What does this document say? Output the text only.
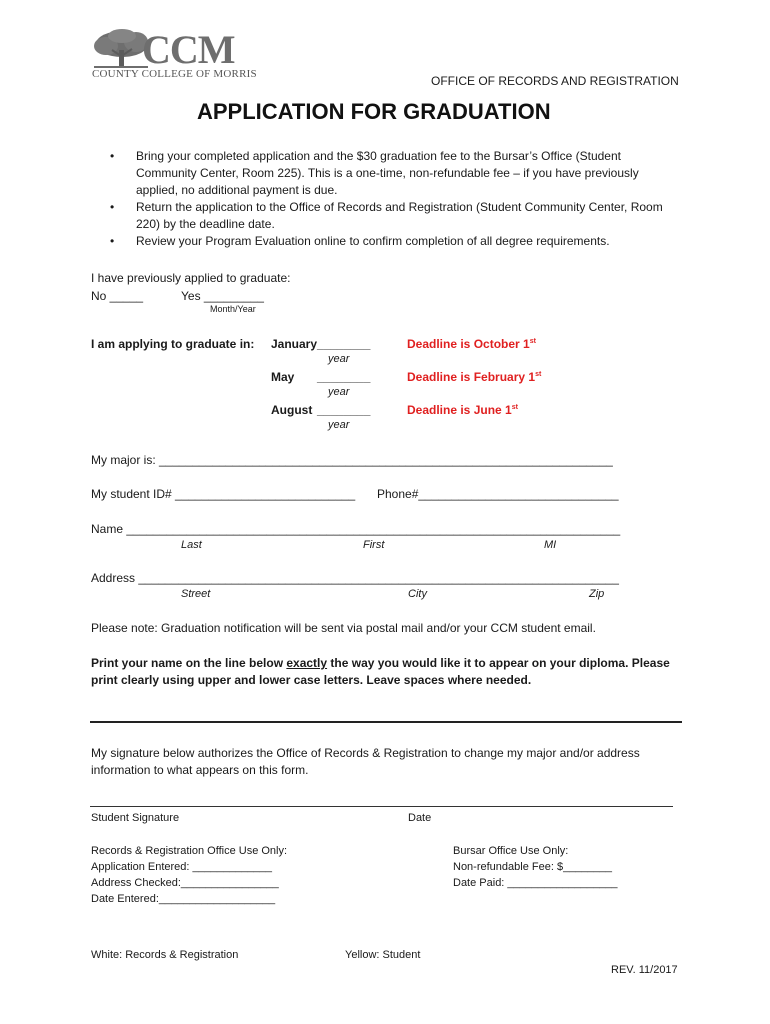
CCM
COUNTY COLLEGE OF MORRIS	OFFICE OF RECORDS AND REGISTRATION
APPLICATION FOR GRADUATION
• Bring your completed application and the $30 graduation fee to the Bursar’s Office (Student Community Center, Room 225). This is a one-time, non-refundable fee – if you have previously applied, no additional payment is due.
• Return the application to the Office of Records and Registration (Student Community Center, Room 220) by the deadline date.
• Review your Program Evaluation online to confirm completion of all degree requirements.
I have previously applied to graduate:
No _____	Yes _________
Month/Year
I am applying to graduate in: January________	Deadline is October 1st
year
May ________	Deadline is February 1st
year
August ________	Deadline is June 1st
year
My major is: ____________________________________________________________________
My student ID# ___________________________ Phone#______________________________
Name __________________________________________________________________________
Last	First	MI
Address ________________________________________________________________________
Street	City	Zip
Please note: Graduation notification will be sent via postal mail and/or your CCM student email.
Print your name on the line below exactly the way you would like it to appear on your diploma. Please print clearly using upper and lower case letters. Leave spaces where needed.
My signature below authorizes the Office of Records & Registration to change my major and/or address information to what appears on this form.
Student Signature	Date
Records & Registration Office Use Only:
Application Entered: _____________
Address Checked:________________
Date Entered:___________________
Bursar Office Use Only:
Non-refundable Fee: $________
Date Paid: __________________
White: Records & Registration	Yellow: Student
REV. 11/2017
